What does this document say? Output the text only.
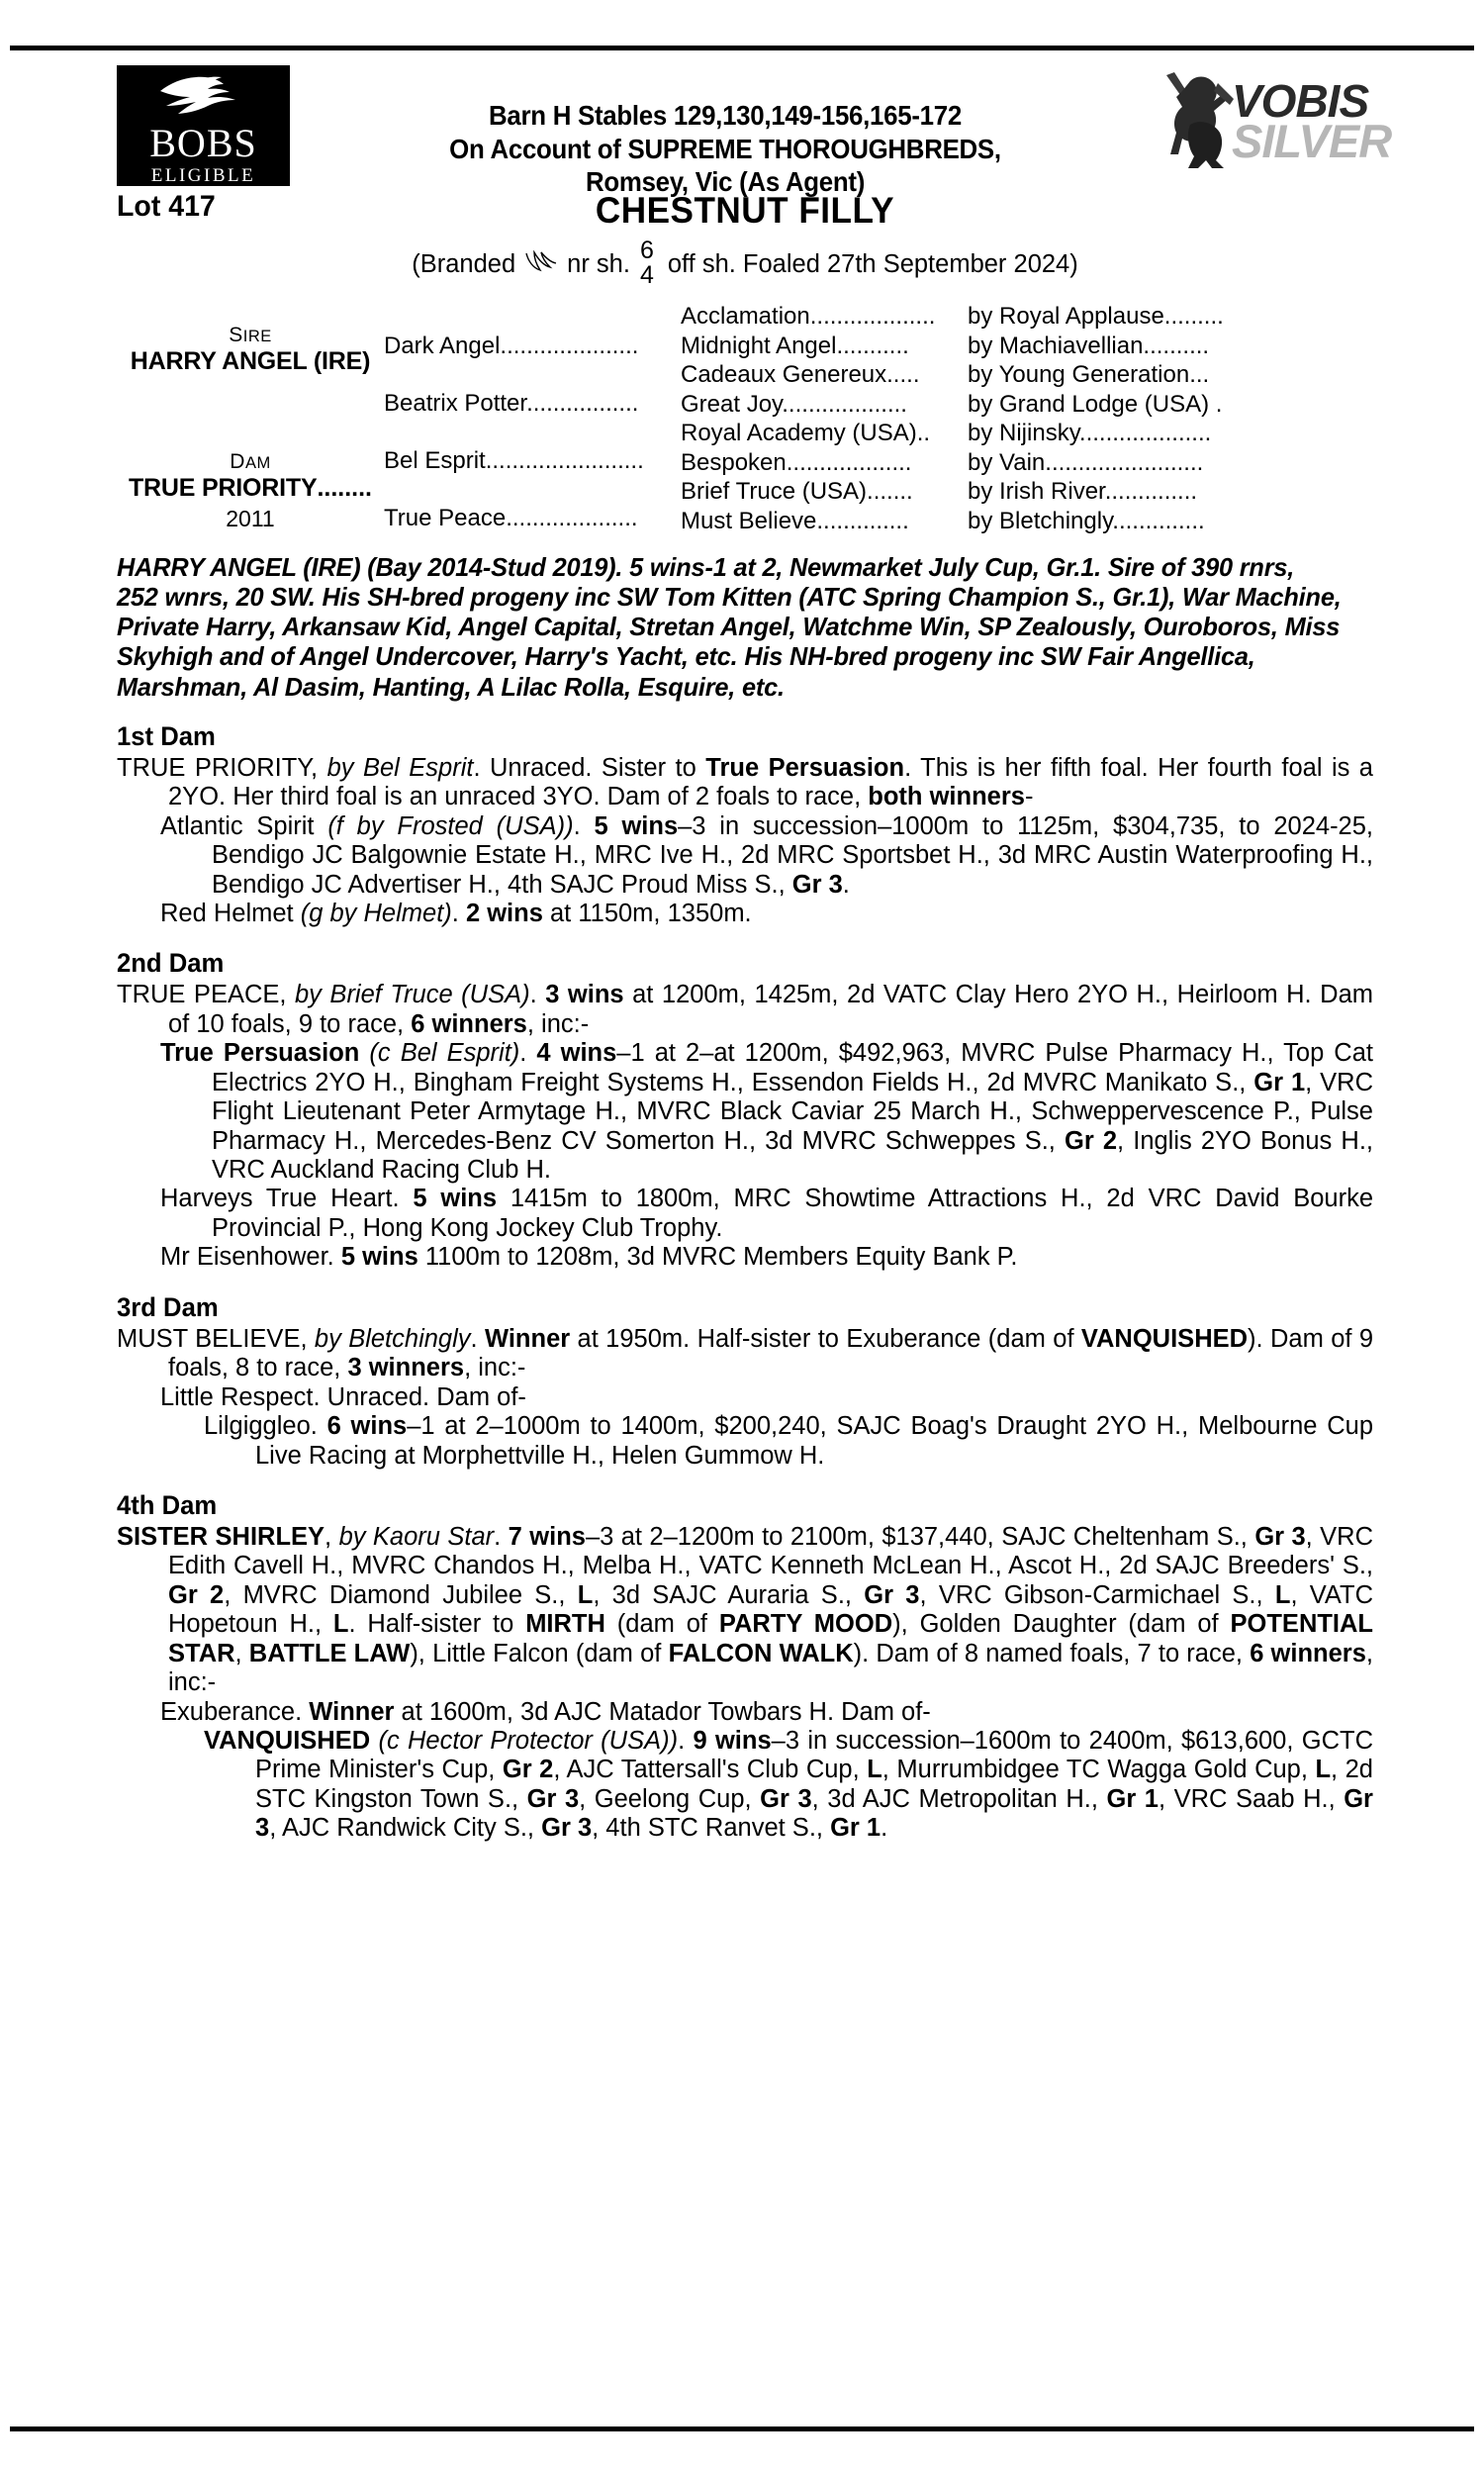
BOBS
ELIGIBLE
Barn H Stables 129,130,149-156,165-172
On Account of SUPREME THOROUGHBREDS,
Romsey, Vic (As Agent)
VOBIS
SILVER
Lot 417	CHESTNUT FILLY
(Branded nr sh. 6
4 off sh. Foaled 27th September 2024)
SIRE
HARRY ANGEL (IRE)
DAM
TRUE PRIORITY........
2011
Dark Angel.....................
Beatrix Potter.................
Bel Esprit........................
True Peace....................
Acclamation...................
Midnight Angel...........
Cadeaux Genereux.....
Great Joy...................
Royal Academy (USA)..
Bespoken...................
Brief Truce (USA).......
Must Believe..............
by Royal Applause.........
by Machiavellian..........
by Young Generation...
by Grand Lodge (USA) .
by Nijinsky....................
by Vain........................
by Irish River..............
by Bletchingly..............
HARRY ANGEL (IRE) (Bay 2014-Stud 2019). 5 wins-1 at 2, Newmarket July Cup, Gr.1. Sire of 390 rnrs, 252 wnrs, 20 SW. His SH-bred progeny inc SW Tom Kitten (ATC Spring Champion S., Gr.1), War Machine, Private Harry, Arkansaw Kid, Angel Capital, Stretan Angel, Watchme Win, SP Zealously, Ouroboros, Miss Skyhigh and of Angel Undercover, Harry's Yacht, etc. His NH-bred progeny inc SW Fair Angellica, Marshman, Al Dasim, Hanting, A Lilac Rolla, Esquire, etc.
1st Dam

TRUE PRIORITY, by Bel Esprit. Unraced. Sister to True Persuasion. This is her fifth foal. Her fourth foal is a 2YO. Her third foal is an unraced 3YO. Dam of 2 foals to race, both winners-

Atlantic Spirit (f by Frosted (USA)). 5 wins–3 in succession–1000m to 1125m, $304,735, to 2024-25, Bendigo JC Balgownie Estate H., MRC Ive H., 2d MRC Sportsbet H., 3d MRC Austin Waterproofing H., Bendigo JC Advertiser H., 4th SAJC Proud Miss S., Gr 3.

Red Helmet (g by Helmet). 2 wins at 1150m, 1350m.

2nd Dam

TRUE PEACE, by Brief Truce (USA). 3 wins at 1200m, 1425m, 2d VATC Clay Hero 2YO H., Heirloom H. Dam of 10 foals, 9 to race, 6 winners, inc:-

True Persuasion (c Bel Esprit). 4 wins–1 at 2–at 1200m, $492,963, MVRC Pulse Pharmacy H., Top Cat Electrics 2YO H., Bingham Freight Systems H., Essendon Fields H., 2d MVRC Manikato S., Gr 1, VRC Flight Lieutenant Peter Armytage H., MVRC Black Caviar 25 March H., Schweppervescence P., Pulse Pharmacy H., Mercedes-Benz CV Somerton H., 3d MVRC Schweppes S., Gr 2, Inglis 2YO Bonus H., VRC Auckland Racing Club H.

Harveys True Heart. 5 wins 1415m to 1800m, MRC Showtime Attractions H., 2d VRC David Bourke Provincial P., Hong Kong Jockey Club Trophy.

Mr Eisenhower. 5 wins 1100m to 1208m, 3d MVRC Members Equity Bank P.

3rd Dam

MUST BELIEVE, by Bletchingly. Winner at 1950m. Half-sister to Exuberance (dam of VANQUISHED). Dam of 9 foals, 8 to race, 3 winners, inc:-

Little Respect. Unraced. Dam of-

Lilgiggleo. 6 wins–1 at 2–1000m to 1400m, $200,240, SAJC Boag's Draught 2YO H., Melbourne Cup Live Racing at Morphettville H., Helen Gummow H.

4th Dam

SISTER SHIRLEY, by Kaoru Star. 7 wins–3 at 2–1200m to 2100m, $137,440, SAJC Cheltenham S., Gr 3, VRC Edith Cavell H., MVRC Chandos H., Melba H., VATC Kenneth McLean H., Ascot H., 2d SAJC Breeders' S., Gr 2, MVRC Diamond Jubilee S., L, 3d SAJC Auraria S., Gr 3, VRC Gibson-Carmichael S., L, VATC Hopetoun H., L. Half-sister to MIRTH (dam of PARTY MOOD), Golden Daughter (dam of POTENTIAL STAR, BATTLE LAW), Little Falcon (dam of FALCON WALK). Dam of 8 named foals, 7 to race, 6 winners, inc:-

Exuberance. Winner at 1600m, 3d AJC Matador Towbars H. Dam of-

VANQUISHED (c Hector Protector (USA)). 9 wins–3 in succession–1600m to 2400m, $613,600, GCTC Prime Minister's Cup, Gr 2, AJC Tattersall's Club Cup, L, Murrumbidgee TC Wagga Gold Cup, L, 2d STC Kingston Town S., Gr 3, Geelong Cup, Gr 3, 3d AJC Metropolitan H., Gr 1, VRC Saab H., Gr 3, AJC Randwick City S., Gr 3, 4th STC Ranvet S., Gr 1.
